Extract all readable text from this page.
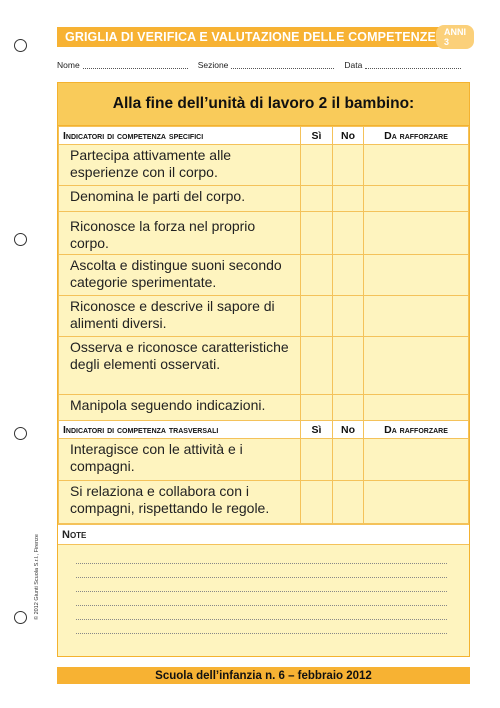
GRIGLIA DI VERIFICA E VALUTAZIONE DELLE COMPETENZE ANNI 3
Nome	Sezione	Data
Alla fine dell’unità di lavoro 2 il bambino:
Indicatori di competenza specifici	Sì	No	Da rafforzare
Partecipa attivamente alle esperienze con il corpo.			
Denomina le parti del corpo.			
Riconosce la forza nel proprio corpo.			
Ascolta e distingue suoni secondo categorie sperimentate.			
Riconosce e descrive il sapore di alimenti diversi.			
Osserva e riconosce caratteristiche degli elementi osservati.			
Manipola seguendo indicazioni.			
Indicatori di competenza trasversali	Sì	No	Da rafforzare
Interagisce con le attività e i compagni.			
Si relaziona e collabora con i compagni, rispettando le regole.			
Note
Scuola dell’infanzia n. 6 – febbraio 2012
© 2012 Giunti Scuola S.r.l., Firenze
